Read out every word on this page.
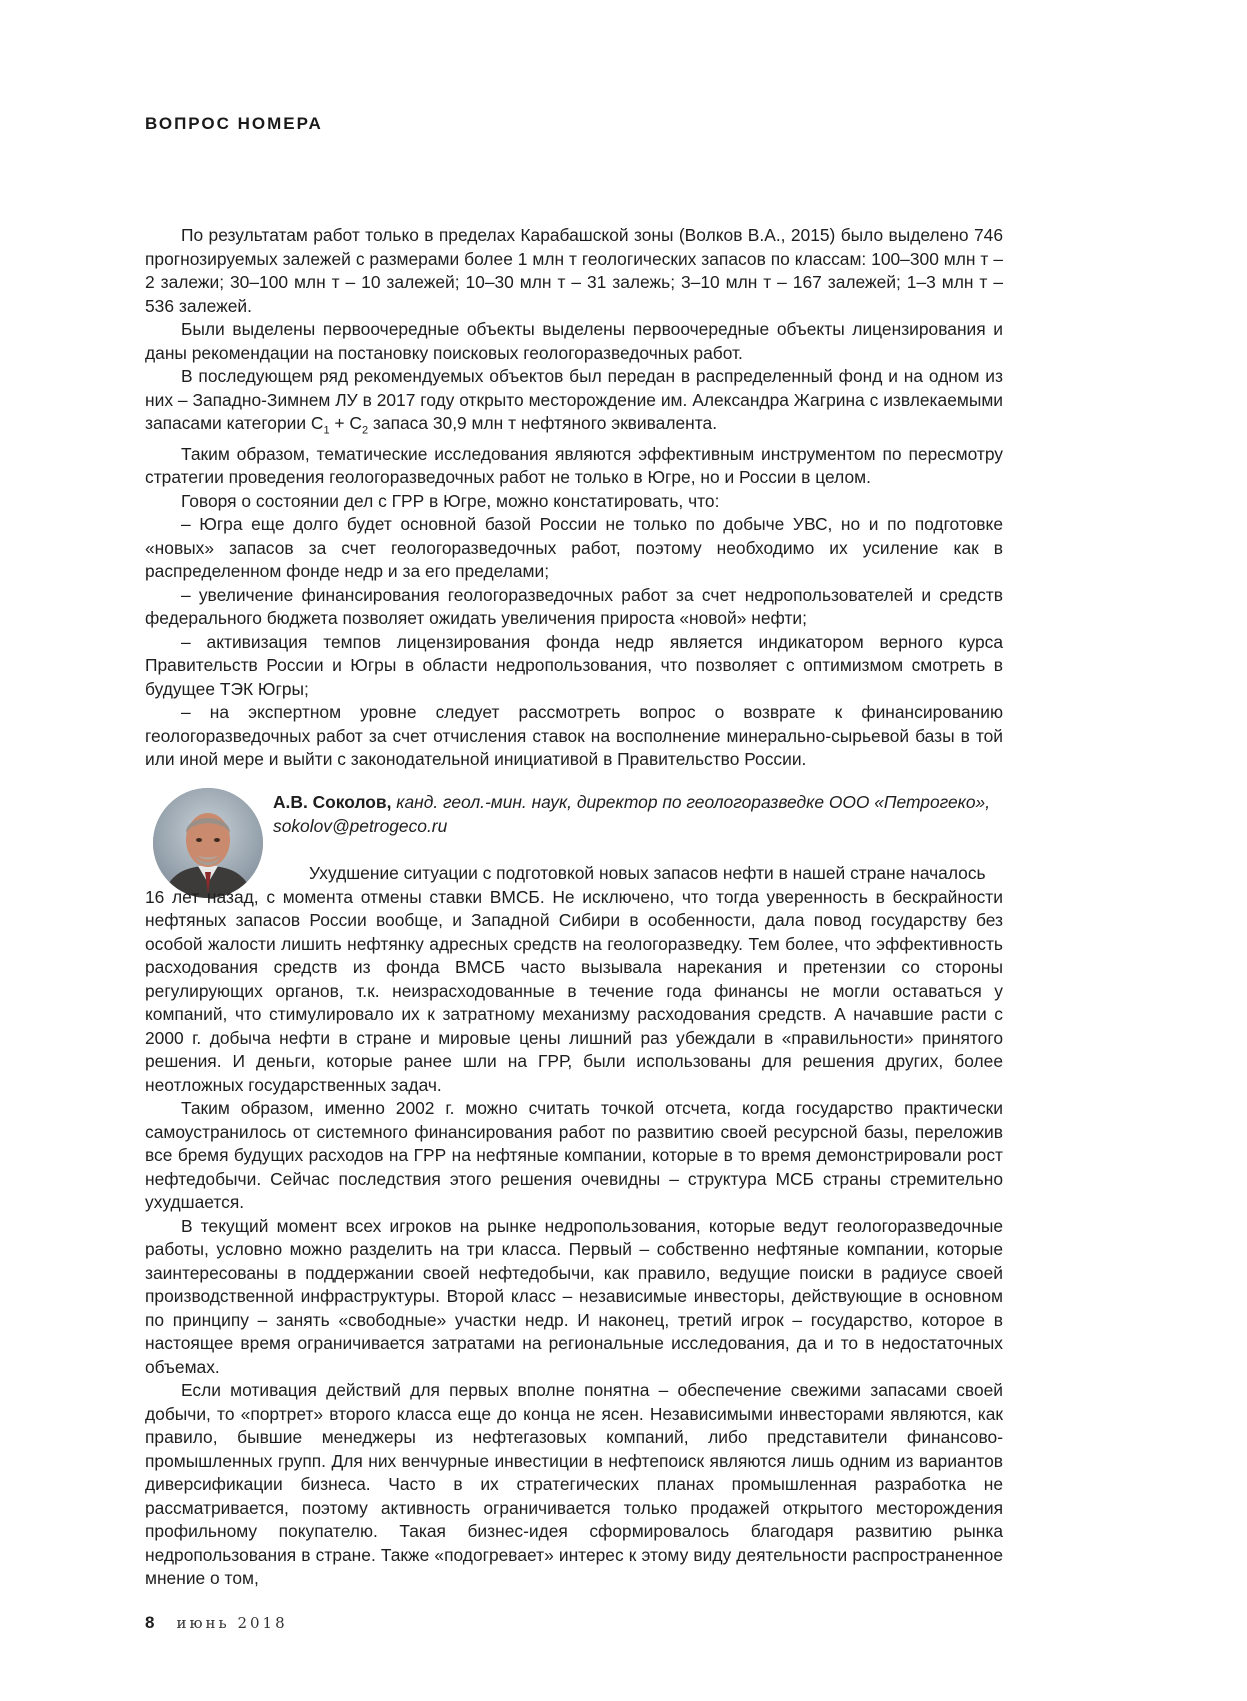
ВОПРОС НОМЕРА

По результатам работ только в пределах Карабашской зоны (Волков В.А., 2015) было выделено 746 прогнозируемых залежей с размерами более 1 млн т геологических запасов по классам: 100–300 млн т – 2 залежи; 30–100 млн т – 10 залежей; 10–30 млн т – 31 залежь; 3–10 млн т – 167 залежей; 1–3 млн т – 536 залежей.

Были выделены первоочередные объекты выделены первоочередные объекты лицензирования и даны рекомендации на постановку поисковых геологоразведочных работ.

В последующем ряд рекомендуемых объектов был передан в распределенный фонд и на одном из них – Западно-Зимнем ЛУ в 2017 году открыто месторождение им. Александра Жагрина с извлекаемыми запасами категории $С_1 + С_2$ запаса 30,9 млн т нефтяного эквивалента.

Таким образом, тематические исследования являются эффективным инструментом по пересмотру стратегии проведения геологоразведочных работ не только в Югре, но и России в целом.

Говоря о состоянии дел с ГРР в Югре, можно констатировать, что:

– Югра еще долго будет основной базой России не только по добыче УВС, но и по подготовке «новых» запасов за счет геологоразведочных работ, поэтому необходимо их усиление как в распределенном фонде недр и за его пределами;

– увеличение финансирования геологоразведочных работ за счет недропользователей и средств федерального бюджета позволяет ожидать увеличения прироста «новой» нефти;

– активизация темпов лицензирования фонда недр является индикатором верного курса Правительств России и Югры в области недропользования, что позволяет с оптимизмом смотреть в будущее ТЭК Югры;

– на экспертном уровне следует рассмотреть вопрос о возврате к финансированию геологоразведочных работ за счет отчисления ставок на восполнение минерально-сырьевой базы в той или иной мере и выйти с законодательной инициативой в Правительство России.

А.В. Соколов, канд. геол.-мин. наук, директор по геологоразведке ООО «Петрогеко», sokolov@petrogeco.ru

Ухудшение ситуации с подготовкой новых запасов нефти в нашей стране началось

16 лет назад, с момента отмены ставки ВМСБ. Не исключено, что тогда уверенность в бескрайности нефтяных запасов России вообще, и Западной Сибири в особенности, дала повод государству без особой жалости лишить нефтянку адресных средств на геологоразведку. Тем более, что эффективность расходования средств из фонда ВМСБ часто вызывала нарекания и претензии со стороны регулирующих органов, т.к. неизрасходованные в течение года финансы не могли оставаться у компаний, что стимулировало их к затратному механизму расходования средств. А начавшие расти с 2000 г. добыча нефти в стране и мировые цены лишний раз убеждали в «правильности» принятого решения. И деньги, которые ранее шли на ГРР, были использованы для решения других, более неотложных государственных задач.

Таким образом, именно 2002 г. можно считать точкой отсчета, когда государство практически самоустранилось от системного финансирования работ по развитию своей ресурсной базы, переложив все бремя будущих расходов на ГРР на нефтяные компании, которые в то время демонстрировали рост нефтедобычи. Сейчас последствия этого решения очевидны – структура МСБ страны стремительно ухудшается.

В текущий момент всех игроков на рынке недропользования, которые ведут геологоразведочные работы, условно можно разделить на три класса. Первый – собственно нефтяные компании, которые заинтересованы в поддержании своей нефтедобычи, как правило, ведущие поиски в радиусе своей производственной инфраструктуры. Второй класс – независимые инвесторы, действующие в основном по принципу – занять «свободные» участки недр. И наконец, третий игрок – государство, которое в настоящее время ограничивается затратами на региональные исследования, да и то в недостаточных объемах.

Если мотивация действий для первых вполне понятна – обеспечение свежими запасами своей добычи, то «портрет» второго класса еще до конца не ясен. Независимыми инвесторами являются, как правило, бывшие менеджеры из нефтегазовых компаний, либо представители финансово-промышленных групп. Для них венчурные инвестиции в нефтепоиск являются лишь одним из вариантов диверсификации бизнеса. Часто в их стратегических планах промышленная разработка не рассматривается, поэтому активность ограничивается только продажей открытого месторождения профильному покупателю. Такая бизнес-идея сформировалось благодаря развитию рынка недропользования в стране. Также «подогревает» интерес к этому виду деятельности распространенное мнение о том,

8 июнь 2018
